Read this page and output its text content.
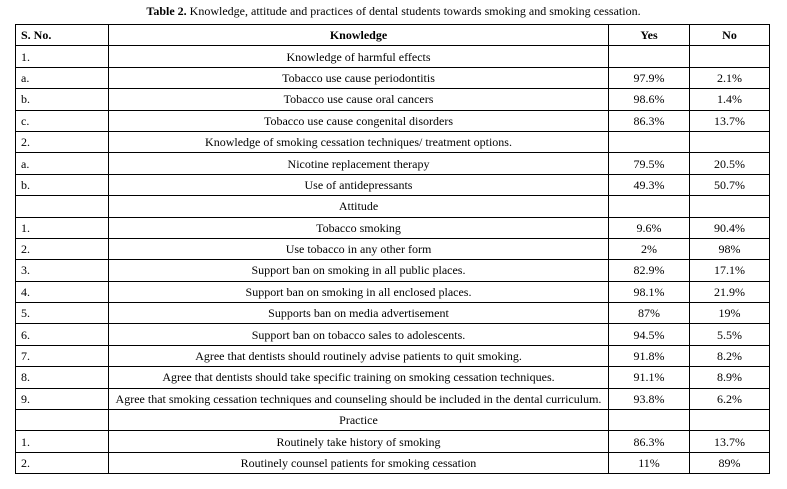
Table 2. Knowledge, attitude and practices of dental students towards smoking and smoking cessation.
S. No.	Knowledge	Yes	No
1.	Knowledge of harmful effects		
a.	Tobacco use cause periodontitis	97.9%	2.1%
b.	Tobacco use cause oral cancers	98.6%	1.4%
c.	Tobacco use cause congenital disorders	86.3%	13.7%
2.	Knowledge of smoking cessation techniques/ treatment options.		
a.	Nicotine replacement therapy	79.5%	20.5%
b.	Use of antidepressants	49.3%	50.7%
	Attitude		
1.	Tobacco smoking	9.6%	90.4%
2.	Use tobacco in any other form	2%	98%
3.	Support ban on smoking in all public places.	82.9%	17.1%
4.	Support ban on smoking in all enclosed places.	98.1%	21.9%
5.	Supports ban on media advertisement	87%	19%
6.	Support ban on tobacco sales to adolescents.	94.5%	5.5%
7.	Agree that dentists should routinely advise patients to quit smoking.	91.8%	8.2%
8.	Agree that dentists should take specific training on smoking cessation techniques.	91.1%	8.9%
9.	Agree that smoking cessation techniques and counseling should be included in the dental curriculum.	93.8%	6.2%
	Practice		
1.	Routinely take history of smoking	86.3%	13.7%
2.	Routinely counsel patients for smoking cessation	11%	89%
